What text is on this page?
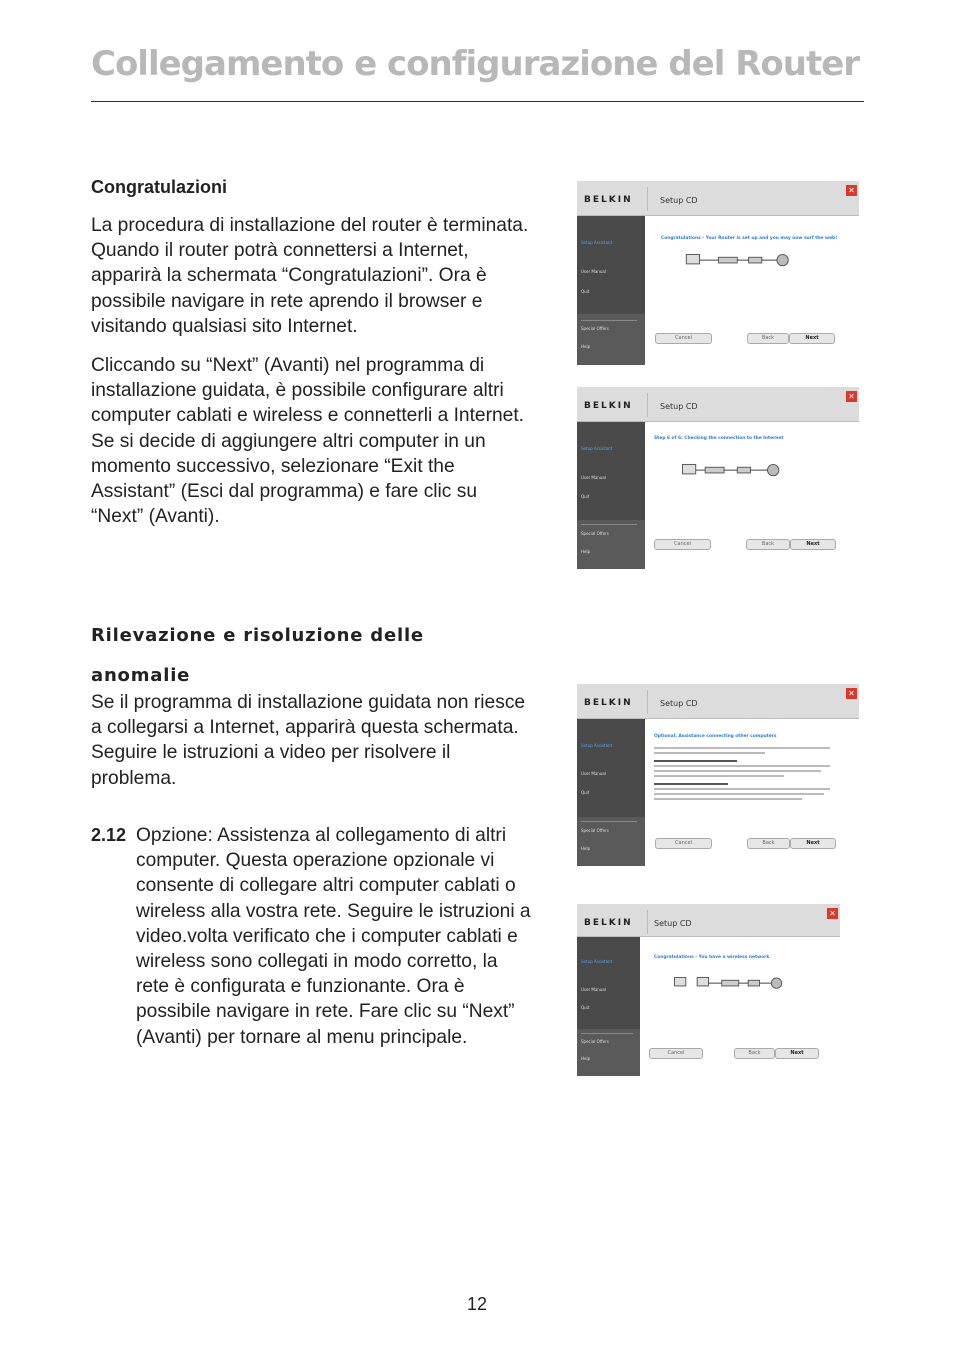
Collegamento e configurazione del Router
Congratulazioni

La procedura di installazione del router è terminata. Quando il router potrà connettersi a Internet, apparirà la schermata “Congratulazioni”. Ora è possibile navigare in rete aprendo il browser e visitando qualsiasi sito Internet.

Cliccando su “Next” (Avanti) nel programma di installazione guidata, è possibile configurare altri computer cablati e wireless e connetterli a Internet. Se si decide di aggiungere altri computer in un momento successivo, selezionare “Exit the Assistant” (Esci dal programma) e fare clic su “Next” (Avanti).

Rilevazione e risoluzione delle
anomalie

Se il programma di installazione guidata non riesce a collegarsi a Internet, apparirà questa schermata. Seguire le istruzioni a video per risolvere il problema.

2.12 Opzione: Assistenza al collegamento di altri computer. Questa operazione opzionale vi consente di collegare altri computer cablati o wireless alla vostra rete. Seguire le istruzioni a video.volta verificato che i computer cablati e wireless sono collegati in modo corretto, la rete è configurata e funzionante. Ora è possibile navigare in rete. Fare clic su “Next” (Avanti) per tornare al menu principale.
12
BELKIN	Setup CD
✕
Setup Assistant
User Manual
Quit
Special Offers
Help
Congratulations - Your Router is set up and you may now surf the web!
Cancel	Back	Next
BELKIN	Setup CD
✕
Setup Assistant
User Manual
Quit
Special Offers
Help
Step 6 of 6: Checking the connection to the Internet
Cancel	Back	Next
BELKIN	Setup CD
✕
Setup Assistant
User Manual
Quit
Special Offers
Help
Optional: Assistance connecting other computers
Cancel	Back	Next
BELKIN	Setup CD
✕
Setup Assistant
User Manual
Quit
Special Offers
Help
Congratulations - You have a wireless network
Cancel	Back	Next
